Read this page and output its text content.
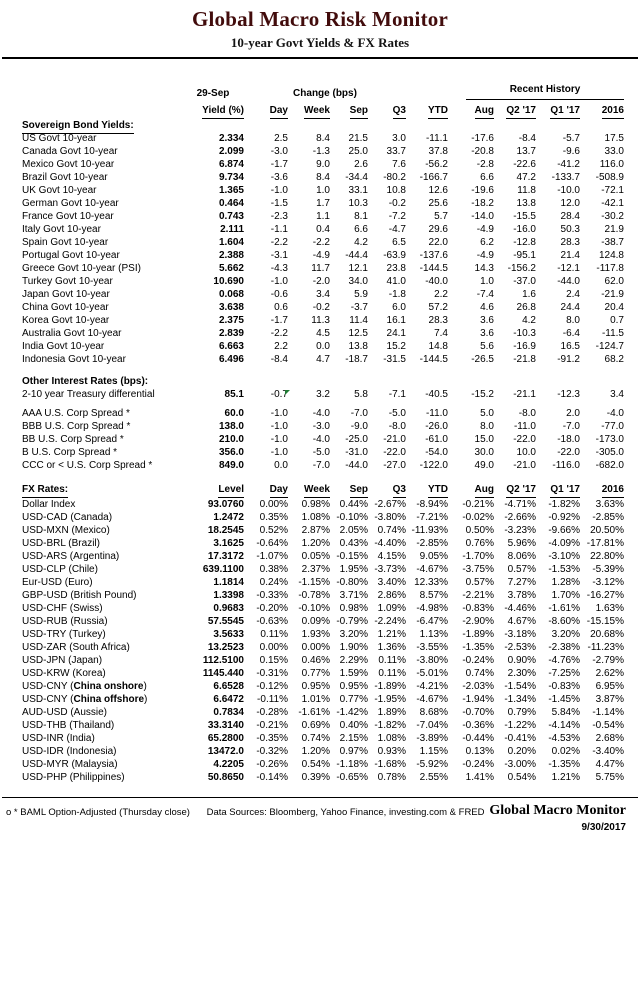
Global Macro Risk Monitor
10-year Govt Yields & FX Rates
29-Sep	Change (bps)	Recent History
Yield (%)	Day	Week	Sep	Q3	YTD	Aug	Q2 '17	Q1 '17	2016
Sovereign Bond Yields:
US Govt 10-year	2.334	2.5	8.4	21.5	3.0	-11.1	-17.6	-8.4	-5.7	17.5
Canada Govt 10-year	2.099	-3.0	-1.3	25.0	33.7	37.8	-20.8	13.7	-9.6	33.0
Mexico Govt 10-year	6.874	-1.7	9.0	2.6	7.6	-56.2	-2.8	-22.6	-41.2	116.0
Brazil Govt 10-year	9.734	-3.6	8.4	-34.4	-80.2	-166.7	6.6	47.2	-133.7	-508.9
UK Govt 10-year	1.365	-1.0	1.0	33.1	10.8	12.6	-19.6	11.8	-10.0	-72.1
German Govt 10-year	0.464	-1.5	1.7	10.3	-0.2	25.6	-18.2	13.8	12.0	-42.1
France Govt 10-year	0.743	-2.3	1.1	8.1	-7.2	5.7	-14.0	-15.5	28.4	-30.2
Italy Govt 10-year	2.111	-1.1	0.4	6.6	-4.7	29.6	-4.9	-16.0	50.3	21.9
Spain Govt 10-year	1.604	-2.2	-2.2	4.2	6.5	22.0	6.2	-12.8	28.3	-38.7
Portugal Govt 10-year	2.388	-3.1	-4.9	-44.4	-63.9	-137.6	-4.9	-95.1	21.4	124.8
Greece Govt 10-year (PSI)	5.662	-4.3	11.7	12.1	23.8	-144.5	14.3	-156.2	-12.1	-117.8
Turkey Govt 10-year	10.690	-1.0	-2.0	34.0	41.0	-40.0	1.0	-37.0	-44.0	62.0
Japan Govt 10-year	0.068	-0.6	3.4	5.9	-1.8	2.2	-7.4	1.6	2.4	-21.9
China Govt 10-year	3.638	0.6	-0.2	-3.7	6.0	57.2	4.6	26.8	24.4	20.4
Korea Govt 10-year	2.375	-1.7	11.3	11.4	16.1	28.3	3.6	4.2	8.0	0.7
Australia Govt 10-year	2.839	-2.2	4.5	12.5	24.1	7.4	3.6	-10.3	-6.4	-11.5
India Govt 10-year	6.663	2.2	0.0	13.8	15.2	14.8	5.6	-16.9	16.5	-124.7
Indonesia Govt 10-year	6.496	-8.4	4.7	-18.7	-31.5	-144.5	-26.5	-21.8	-91.2	68.2
Other Interest Rates (bps):
2-10 year Treasury differential	85.1	-0.7	3.2	5.8	-7.1	-40.5	-15.2	-21.1	-12.3	3.4
AAA U.S. Corp Spread *	60.0	-1.0	-4.0	-7.0	-5.0	-11.0	5.0	-8.0	2.0	-4.0
BBB U.S. Corp Spread *	138.0	-1.0	-3.0	-9.0	-8.0	-26.0	8.0	-11.0	-7.0	-77.0
BB U.S. Corp Spread *	210.0	-1.0	-4.0	-25.0	-21.0	-61.0	15.0	-22.0	-18.0	-173.0
B U.S. Corp Spread *	356.0	-1.0	-5.0	-31.0	-22.0	-54.0	30.0	10.0	-22.0	-305.0
CCC or < U.S. Corp Spread *	849.0	0.0	-7.0	-44.0	-27.0	-122.0	49.0	-21.0	-116.0	-682.0
FX Rates:	Level	Day	Week	Sep	Q3	YTD	Aug	Q2 '17	Q1 '17	2016
Dollar Index	93.0760	0.00%	0.98% 0.44% -2.67%	-8.94%	-0.21%	-4.71%	-1.82%	3.63%
USD-CAD (Canada)	1.2472	0.35%	1.08% -0.10% -3.80%	-7.21%	-0.02%	-2.66%	-0.92%	-2.85%
USD-MXN (Mexico)	18.2545	0.52%	2.87% 2.05% 0.74% -11.93%	0.50%	-3.23%	-9.66%	20.50%
USD-BRL (Brazil)	3.1625	-0.64%	1.20% 0.43% -4.40%	-2.85%	0.76%	5.96%	-4.09% -17.81%
USD-ARS (Argentina)	17.3172	-1.07%	0.05% -0.15% 4.15%	9.05%	-1.70%	8.06%	-3.10%	22.80%
USD-CLP (Chile)	639.1100	0.38%	2.37% 1.95% -3.73%	-4.67%	-3.75%	0.57%	-1.53%	-5.39%
Eur-USD (Euro)	1.1814	0.24%	-1.15% -0.80% 3.40% 12.33%	0.57%	7.27%	1.28%	-3.12%
GBP-USD (British Pound)	1.3398	-0.33%	-0.78% 3.71% 2.86%	8.57%	-2.21%	3.78%	1.70% -16.27%
USD-CHF (Swiss)	0.9683	-0.20%	-0.10% 0.98% 1.09%	-4.98%	-0.83%	-4.46%	-1.61%	1.63%
USD-RUB (Russia)	57.5545	-0.63%	0.09% -0.79% -2.24%	-6.47%	-2.90%	4.67%	-8.60% -15.15%
USD-TRY (Turkey)	3.5633	0.11%	1.93% 3.20% 1.21%	1.13%	-1.89%	-3.18%	3.20%	20.68%
USD-ZAR (South Africa)	13.2523	0.00%	0.00% 1.90% 1.36%	-3.55%	-1.35%	-2.53%	-2.38% -11.23%
USD-JPN (Japan)	112.5100	0.15%	0.46% 2.29%	0.11%	-3.80%	-0.24%	0.90%	-4.76%	-2.79%
USD-KRW (Korea)	1145.440	-0.31%	0.77% 1.59%	0.11%	-5.01%	0.74%	2.30%	-7.25%	2.62%
USD-CNY (China onshore)	6.6528	-0.12%	0.95% 0.95% -1.89%	-4.21%	-2.03%	-1.54%	-0.83%	6.95%
USD-CNY (China offshore)	6.6472	-0.11%	1.01% 0.77% -1.95%	-4.67%	-1.94%	-1.34%	-1.45%	3.87%
AUD-USD (Aussie)	0.7834	-0.28%	-1.61% -1.42% 1.89%	8.68%	-0.70%	0.79%	5.84%	-1.14%
USD-THB (Thailand)	33.3140	-0.21%	0.69% 0.40% -1.82%	-7.04%	-0.36%	-1.22%	-4.14%	-0.54%
USD-INR (India)	65.2800	-0.35%	0.74% 2.15% 1.08%	-3.89%	-0.44%	-0.41%	-4.53%	2.68%
USD-IDR (Indonesia)	13472.0	-0.32%	1.20% 0.97% 0.93%	1.15%	0.13%	0.20%	0.02%	-3.40%
USD-MYR (Malaysia)	4.2205	-0.26%	0.54% -1.18% -1.68%	-5.92%	-0.24%	-3.00%	-1.35%	4.47%
USD-PHP (Philippines)	50.8650	-0.14%	0.39% -0.65% 0.78%	2.55%	1.41%	0.54%	1.21%	5.75%
o * BAML Option-Adjusted (Thursday close) Data Sources: Bloomberg, Yahoo Finance, investing.com & FRED Global Macro Monitor
9/30/2017
